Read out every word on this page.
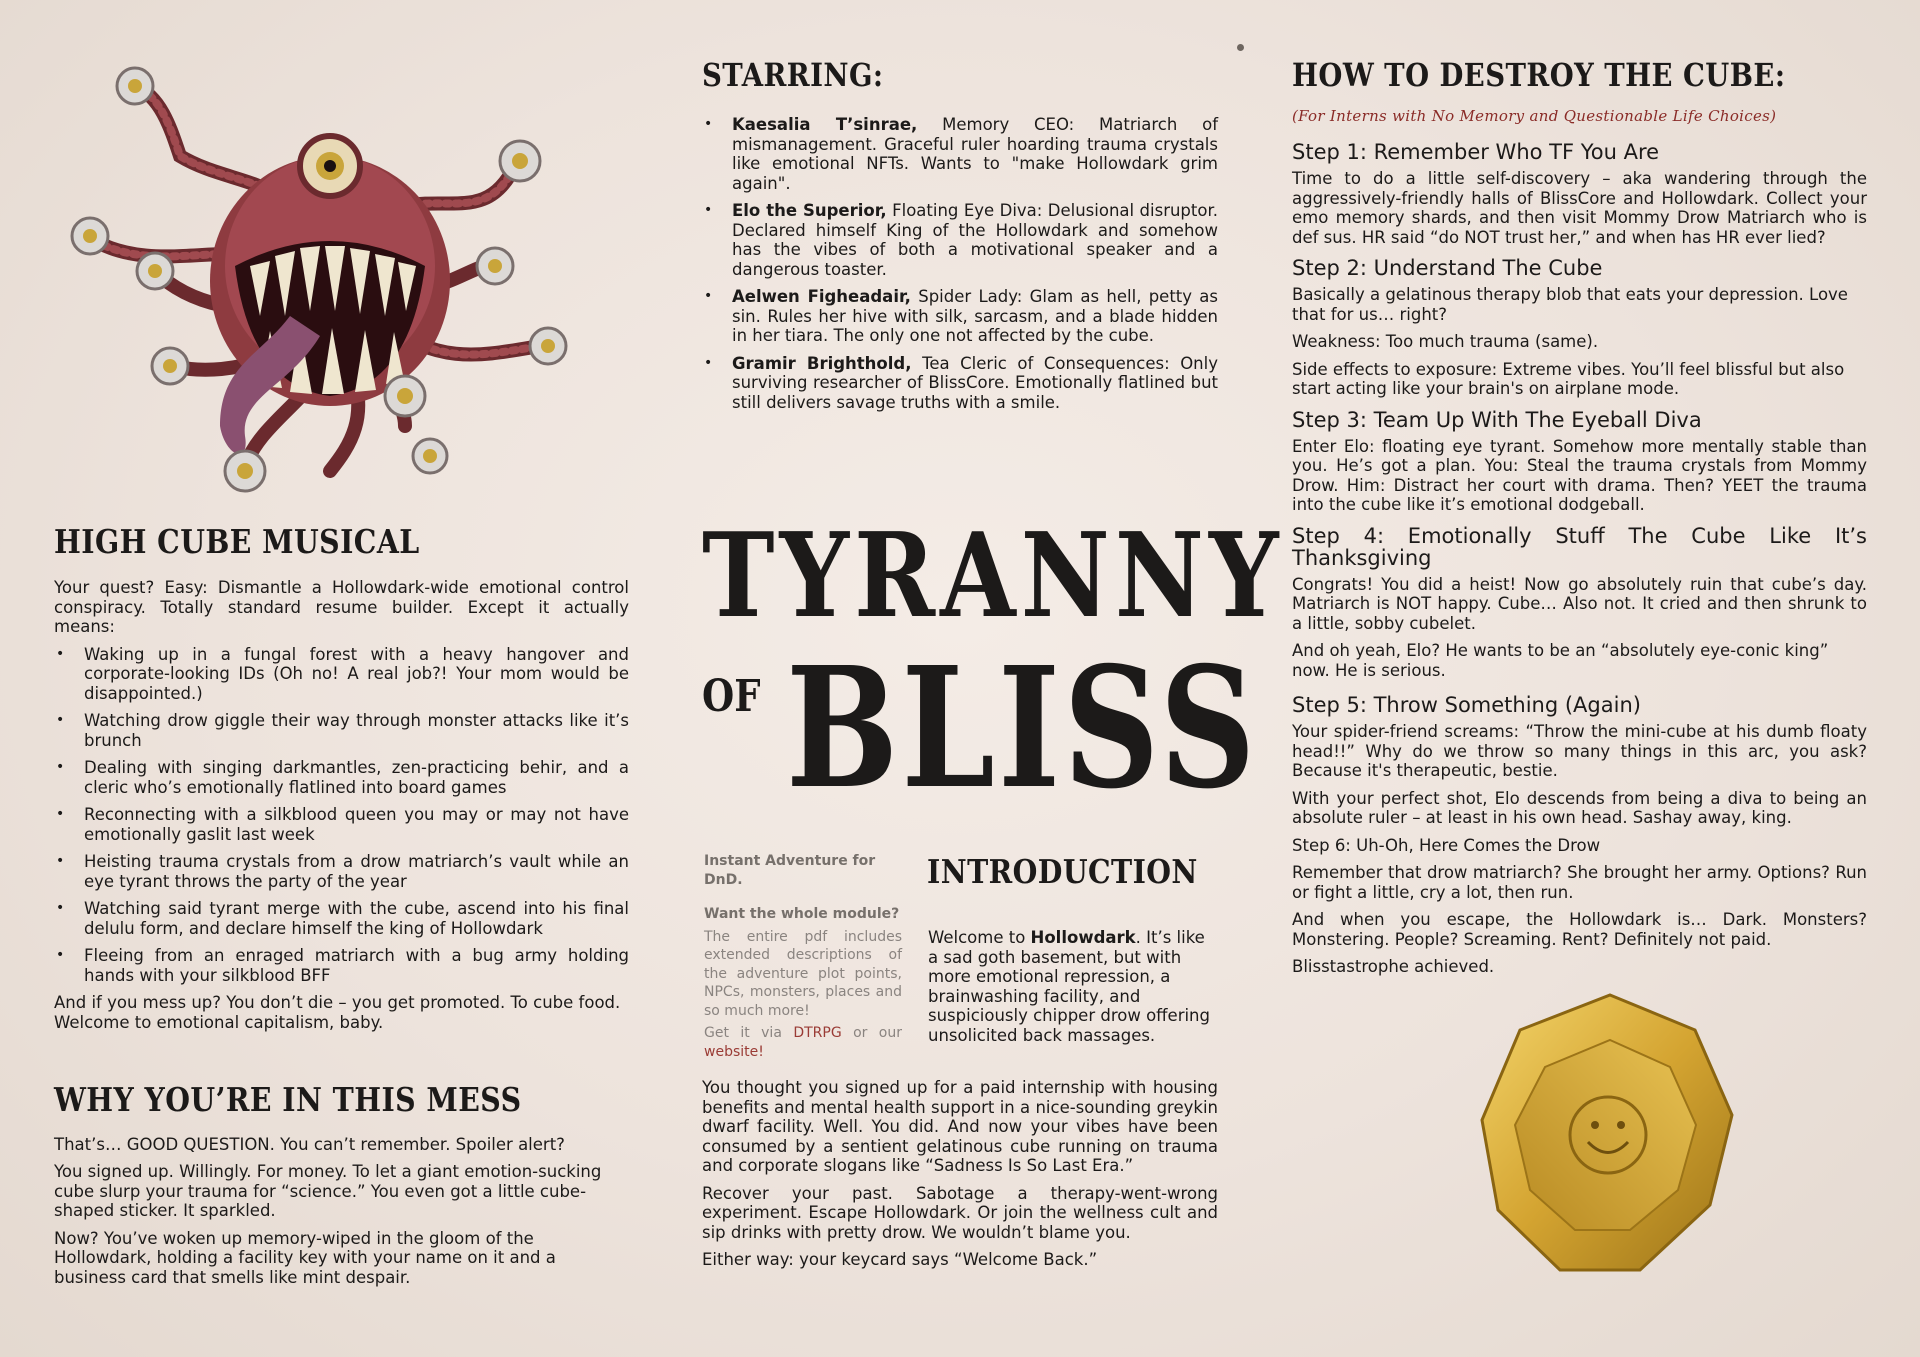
HIGH CUBE MUSICAL

Your quest? Easy: Dismantle a Hollowdark-wide emotional control conspiracy. Totally standard resume builder. Except it actually means:

• Waking up in a fungal forest with a heavy hangover and corporate-looking IDs (Oh no! A real job?! Your mom would be disappointed.)
• Watching drow giggle their way through monster attacks like it’s brunch
• Dealing with singing darkmantles, zen-practicing behir, and a cleric who’s emotionally flatlined into board games
• Reconnecting with a silkblood queen you may or may not have emotionally gaslit last week
• Heisting trauma crystals from a drow matriarch’s vault while an eye tyrant throws the party of the year
• Watching said tyrant merge with the cube, ascend into his final delulu form, and declare himself the king of Hollowdark
• Fleeing from an enraged matriarch with a bug army holding hands with your silkblood BFF

And if you mess up? You don’t die – you get promoted. To cube food. Welcome to emotional capitalism, baby.

WHY YOU’RE IN THIS MESS

That’s… GOOD QUESTION. You can’t remember. Spoiler alert?

You signed up. Willingly. For money. To let a giant emotion-sucking cube slurp your trauma for “science.” You even got a little cube-shaped sticker. It sparkled.

Now? You’ve woken up memory-wiped in the gloom of the Hollowdark, holding a facility key with your name on it and a business card that smells like mint despair.

STARRING:
• Kaesalia T’sinrae, Memory CEO: Matriarch of mismanagement. Graceful ruler hoarding trauma crystals like emotional NFTs. Wants to "make Hollowdark grim again".
• Elo the Superior, Floating Eye Diva: Delusional disruptor. Declared himself King of the Hollowdark and somehow has the vibes of both a motivational speaker and a dangerous toaster.
• Aelwen Figheadair, Spider Lady: Glam as hell, petty as sin. Rules her hive with silk, sarcasm, and a blade hidden in her tiara. The only one not affected by the cube.
• Gramir Brighthold, Tea Cleric of Consequences: Only surviving researcher of BlissCore. Emotionally flatlined but still delivers savage truths with a smile.
TYRANNY
OF BLISS

Instant Adventure for DnD.

Want the whole module?

The entire pdf includes extended descriptions of the adventure plot points, NPCs, monsters, places and so much more!

Get it via DTRPG or our website!

INTRODUCTION

Welcome to Hollowdark. It’s like a sad goth basement, but with more emotional repression, a brainwashing facility, and suspiciously chipper drow offering unsolicited back massages.

You thought you signed up for a paid internship with housing benefits and mental health support in a nice-sounding greykin dwarf facility. Well. You did. And now your vibes have been consumed by a sentient gelatinous cube running on trauma and corporate slogans like “Sadness Is So Last Era.”

Recover your past. Sabotage a therapy-went-wrong experiment. Escape Hollowdark. Or join the wellness cult and sip drinks with pretty drow. We wouldn’t blame you.

Either way: your keycard says “Welcome Back.”

HOW TO DESTROY THE CUBE:
(For Interns with No Memory and Questionable Life Choices)
Step 1: Remember Who TF You Are

Time to do a little self-discovery – aka wandering through the aggressively-friendly halls of BlissCore and Hollowdark. Collect your emo memory shards, and then visit Mommy Drow Matriarch who is def sus. HR said “do NOT trust her,” and when has HR ever lied?

Step 2: Understand The Cube

Basically a gelatinous therapy blob that eats your depression. Love that for us… right?

Weakness: Too much trauma (same).

Side effects to exposure: Extreme vibes. You’ll feel blissful but also start acting like your brain's on airplane mode.

Step 3: Team Up With The Eyeball Diva

Enter Elo: floating eye tyrant. Somehow more mentally stable than you. He’s got a plan. You: Steal the trauma crystals from Mommy Drow. Him: Distract her court with drama. Then? YEET the trauma into the cube like it’s emotional dodgeball.

Step 4: Emotionally Stuff The Cube Like It’s Thanksgiving

Congrats! You did a heist! Now go absolutely ruin that cube’s day. Matriarch is NOT happy. Cube… Also not. It cried and then shrunk to a little, sobby cubelet.

And oh yeah, Elo? He wants to be an “absolutely eye-conic king” now. He is serious.

Step 5: Throw Something (Again)

Your spider-friend screams: “Throw the mini-cube at his dumb floaty head!!” Why do we throw so many things in this arc, you ask? Because it's therapeutic, bestie.

With your perfect shot, Elo descends from being a diva to being an absolute ruler – at least in his own head. Sashay away, king.

Step 6: Uh-Oh, Here Comes the Drow

Remember that drow matriarch? She brought her army. Options? Run or fight a little, cry a lot, then run.

And when you escape, the Hollowdark is… Dark. Monsters? Monstering. People? Screaming. Rent? Definitely not paid.

Blisstastrophe achieved.
